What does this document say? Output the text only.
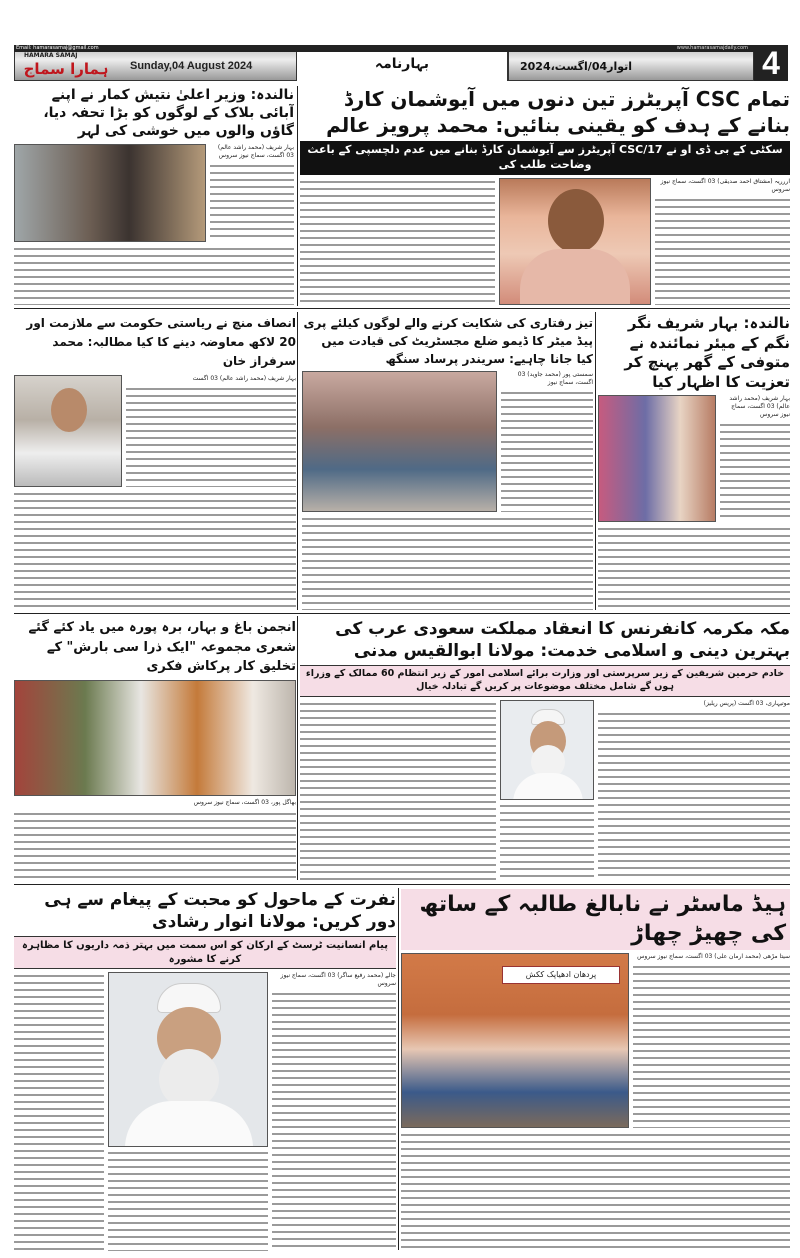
Email: hamarasamaj@gmail.com	www.hamarasamajdaily.com
HAMARA SAMAJ
ہمارا سماج	Sunday,04 August 2024	بہارنامہ	اتوار04/اگست،2024	4
تمام CSC آپریٹرز تین دنوں میں آیوشمان کارڈ بنانے کے ہدف کو یقینی بنائیں: محمد پرویز عالم
سکٹی کے بی ڈی او نے CSC/17 آپریٹرز سے آیوشمان کارڈ بنانے میں عدم دلچسپی کے باعث وضاحت طلب کی
اررریہ (مشتاق احمد صدیقی) 03 اگست، سماج نیوز سروس
نالندہ: وزیر اعلیٰ نتیش کمار نے اپنے آبائی بلاک کے لوگوں کو بڑا تحفہ دیا، گاؤں والوں میں خوشی کی لہر
بہار شریف (محمد راشد عالم) 03 اگست، سماج نیوز سروس
نالندہ: بہار شریف نگر نگم کے میئر نمائندہ نے متوفی کے گھر پہنچ کر تعزیت کا اظہار کیا
بہار شریف (محمد راشد عالم) 03 اگست، سماج نیوز سروس
تیز رفتاری کی شکایت کرنے والے لوگوں کیلئے پری پیڈ میٹر کا ڈیمو ضلع مجسٹریٹ کی قیادت میں کیا جانا چاہیے: سریندر پرساد سنگھ
سمستی پور (محمد جاوید) 03 اگست، سماج نیوز
انصاف منچ نے ریاستی حکومت سے ملازمت اور 20 لاکھ معاوضہ دینے کا کیا مطالبہ: محمد سرفراز خان
بہار شریف (محمد راشد عالم) 03 اگست
مکہ مکرمہ کانفرنس کا انعقاد مملکت سعودی عرب کی بہترین دینی و اسلامی خدمت: مولانا ابوالقیس مدنی
خادم حرمین شریفین کے زیر سرپرستی اور وزارت برائے اسلامی امور کے زیر انتظام 60 ممالک کے وزراء ہوں گے شامل مختلف موضوعات پر کریں گے تبادلہ خیال
موتیہاری، 03 اگست (پریس ریلیز)
انجمن باغ و بہار، برہ پورہ میں یاد کئے گئے شعری مجموعہ "ایک ذرا سی بارش" کے تخلیق کار پرکاش فکری
بھاگل پور، 03 اگست، سماج نیوز سروس
ہیڈ ماسٹر نے نابالغ طالبہ کے ساتھ کی چھیڑ چھاڑ
سیتا مڑھی (محمد ارمان علی) 03 اگست، سماج نیوز سروس
پردھان ادھیاپک ککش
نفرت کے ماحول کو محبت کے پیغام سے ہی دور کریں: مولانا انوار رشادی
پیام انسانیت ٹرسٹ کے ارکان کو اس سمت میں بہتر ذمہ داریوں کا مظاہرہ کرنے کا مشورہ
جالے (محمد رفیع ساگر) 03 اگست، سماج نیوز سروس
